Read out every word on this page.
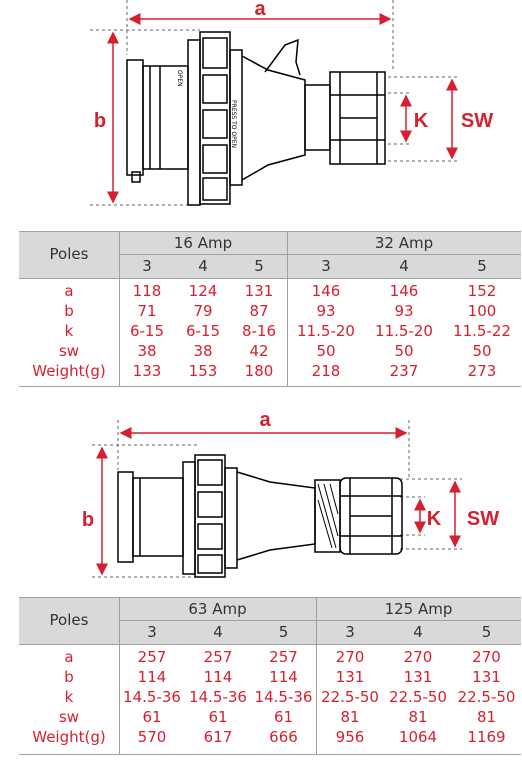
a
b	K SW
OPEN
PRESS TO OPEN
Poles
16 Amp	32 Amp
3	4	5	3	4	5
a	118	124	131	146	146	152
b	71	79	87	93	93	100
k	6-15	6-15	8-16	11.5-20	11.5-20	11.5-22
sw	38	38	42	50	50	50
Weight(g)	133	153	180	218	237	273
a
b	K SW
Poles
63 Amp	125 Amp
3	4	5	3	4	5
a	257	257	257	270	270	270
b	114	114	114	131	131	131
k	14.5-36 14.5-36 14.5-36 22.5-50 22.5-50 22.5-50
sw	61	61	61	81	81	81
Weight(g)	570	617	666	956	1064	1169
